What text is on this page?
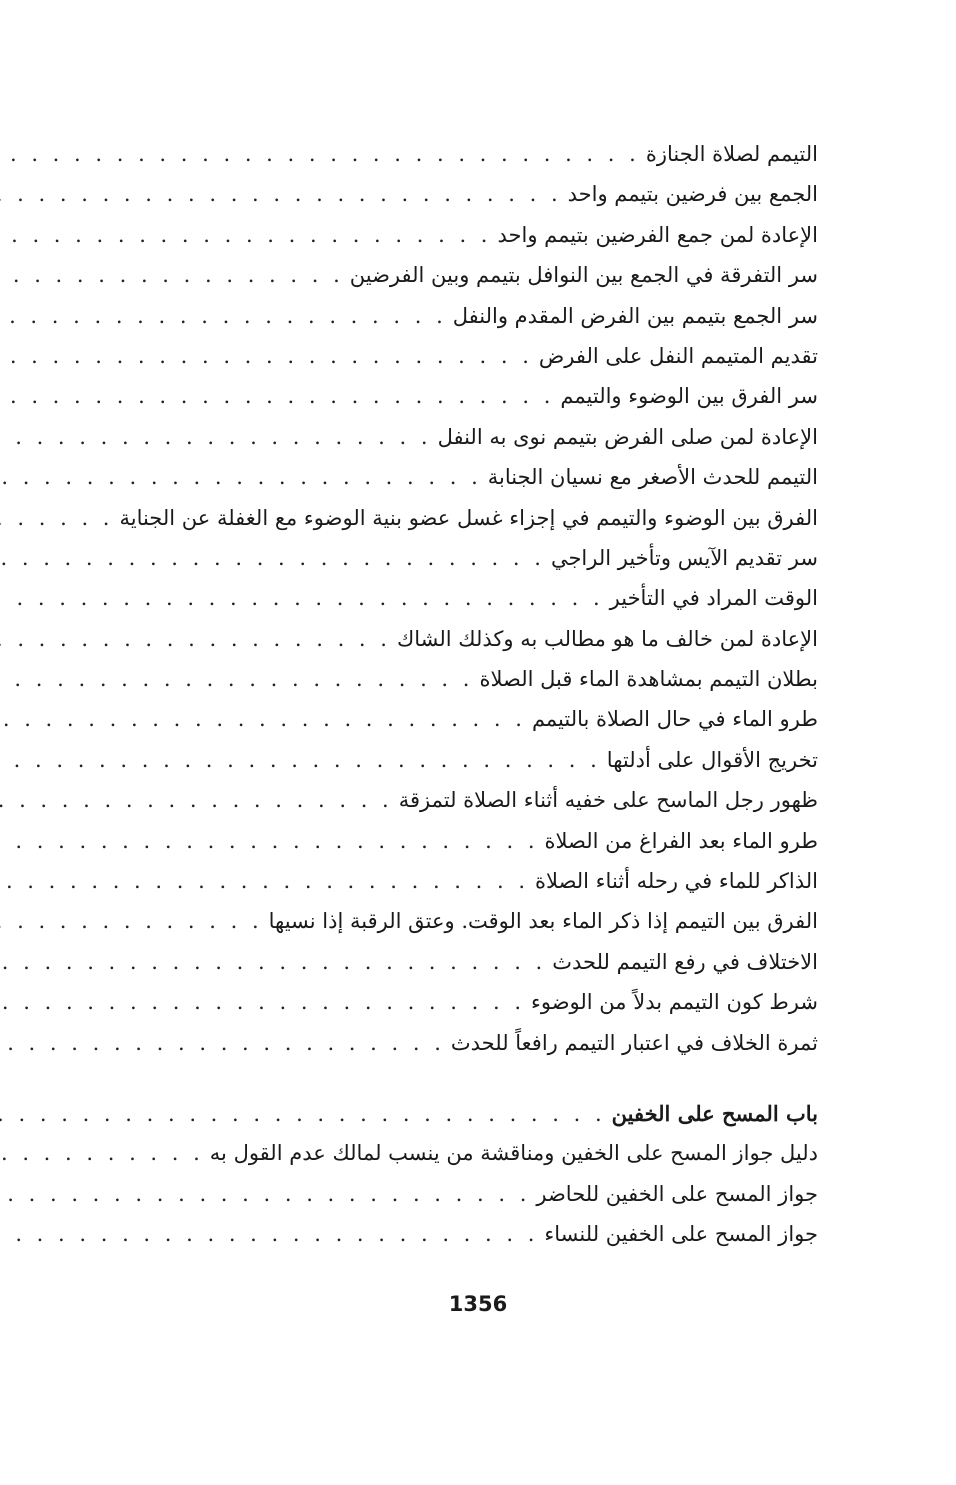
التيمم لصلاة الجنازة
. . .
الجمع بين فرضين بتيمم واحد
. . .
الإعادة لمن جمع الفرضين بتيمم واحد
. . .
سر التفرقة في الجمع بين النوافل بتيمم وبين الفرضين
. . .
سر الجمع بتيمم بين الفرض المقدم والنفل
. . .
تقديم المتيمم النفل على الفرض
. . .
سر الفرق بين الوضوء والتيمم
. . .
الإعادة لمن صلى الفرض بتيمم نوى به النفل
. . .
التيمم للحدث الأصغر مع نسيان الجنابة
. . .
الفرق بين الوضوء والتيمم في إجزاء غسل عضو بنية الوضوء مع الغفلة عن الجناية
. . .
سر تقديم الآيس وتأخير الراجي
. . .
الوقت المراد في التأخير
. . .
الإعادة لمن خالف ما هو مطالب به وكذلك الشاك
. . .
بطلان التيمم بمشاهدة الماء قبل الصلاة
. . .
طرو الماء في حال الصلاة بالتيمم
. . .
تخريج الأقوال على أدلتها
. . .
ظهور رجل الماسح على خفيه أثناء الصلاة لتمزقة
. . .
طرو الماء بعد الفراغ من الصلاة
. . .
الذاكر للماء في رحله أثناء الصلاة
. . .
الفرق بين التيمم إذا ذكر الماء بعد الوقت. وعتق الرقبة إذا نسيها
. . .
الاختلاف في رفع التيمم للحدث
. . .
شرط كون التيمم بدلاً من الوضوء
. . .
ثمرة الخلاف في اعتبار التيمم رافعاً للحدث
. . .
باب المسح على الخفين
. . .
دليل جواز المسح على الخفين ومناقشة من ينسب لمالك عدم القول به
. . .
جواز المسح على الخفين للحاضر
. . .
جواز المسح على الخفين للنساء
. . .
1356
